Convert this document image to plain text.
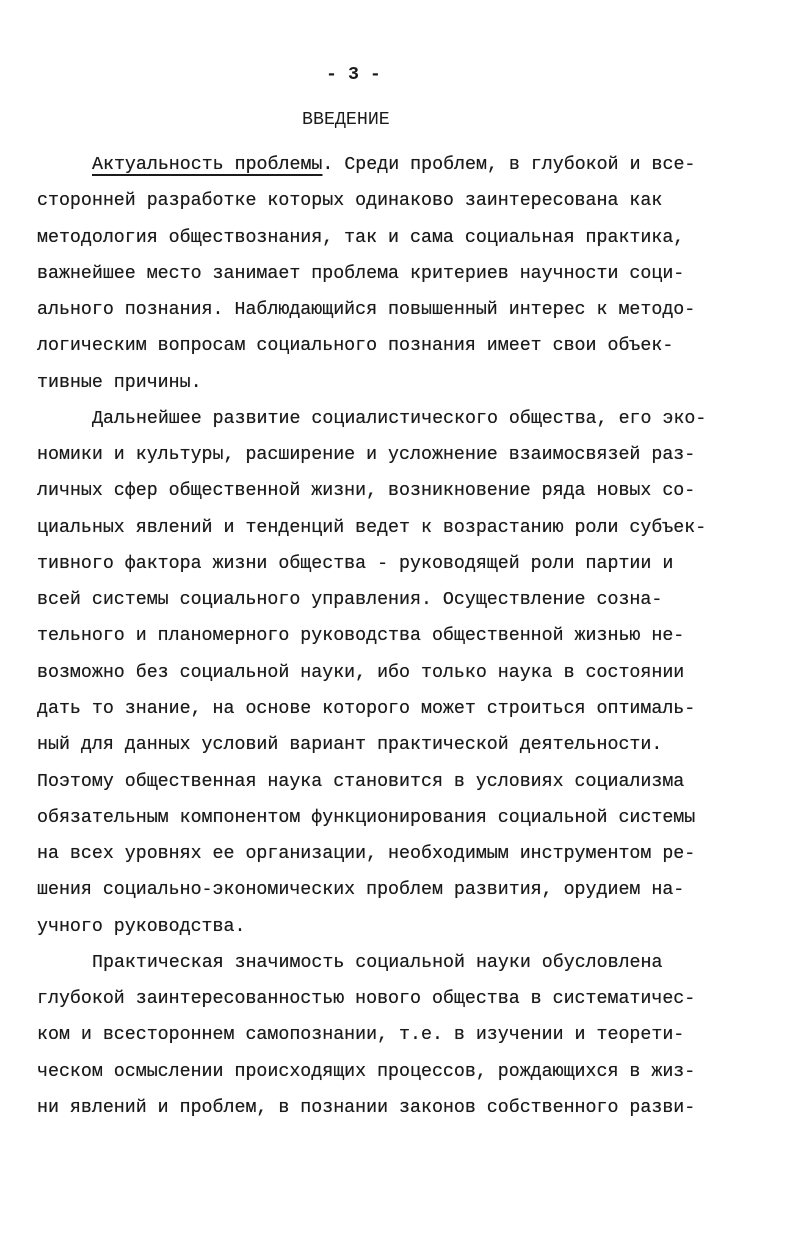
- 3 -
ВВЕДЕНИЕ
Актуальность проблемы. Среди проблем, в глубокой и все-
сторонней разработке которых одинаково заинтересована как
методология обществознания, так и сама социальная практика,
важнейшее место занимает проблема критериев научности соци-
ального познания. Наблюдающийся повышенный интерес к методо-
логическим вопросам социального познания имеет свои объек-
тивные причины.
Дальнейшее развитие социалистического общества, его эко-
номики и культуры, расширение и усложнение взаимосвязей раз-
личных сфер общественной жизни, возникновение ряда новых со-
циальных явлений и тенденций ведет к возрастанию роли субъек-
тивного фактора жизни общества - руководящей роли партии и
всей системы социального управления. Осуществление созна-
тельного и планомерного руководства общественной жизнью не-
возможно без социальной науки, ибо только наука в состоянии
дать то знание, на основе которого может строиться оптималь-
ный для данных условий вариант практической деятельности.
Поэтому общественная наука становится в условиях социализма
обязательным компонентом функционирования социальной системы
на всех уровнях ее организации, необходимым инструментом ре-
шения социально-экономических проблем развития, орудием на-
учного руководства.
Практическая значимость социальной науки обусловлена
глубокой заинтересованностью нового общества в систематичес-
ком и всестороннем самопознании, т.е. в изучении и теорети-
ческом осмыслении происходящих процессов, рождающихся в жиз-
ни явлений и проблем, в познании законов собственного разви-
